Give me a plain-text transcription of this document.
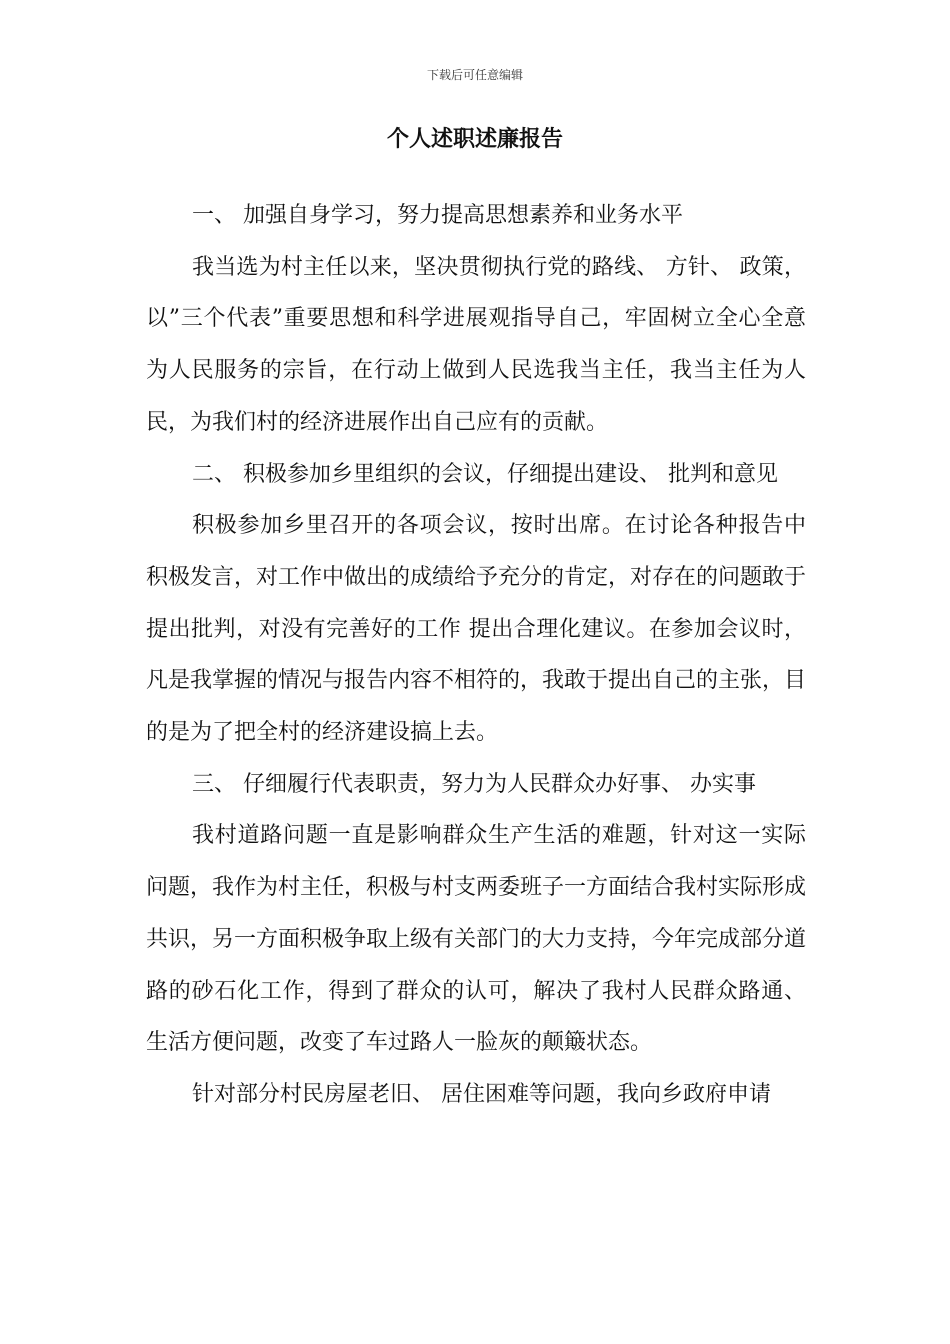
下载后可任意编辑
个人述职述廉报告

一、 加强自身学习，努力提高思想素养和业务水平

我当选为村主任以来，坚决贯彻执行党的路线、 方针、 政策，以”三个代表”重要思想和科学进展观指导自己，牢固树立全心全意为人民服务的宗旨，在行动上做到人民选我当主任，我当主任为人民，为我们村的经济进展作出自己应有的贡献。

二、 积极参加乡里组织的会议，仔细提出建设、 批判和意见

积极参加乡里召开的各项会议，按时出席。在讨论各种报告中积极发言，对工作中做出的成绩给予充分的肯定，对存在的问题敢于提出批判，对没有完善好的工作 提出合理化建议。在参加会议时，凡是我掌握的情况与报告内容不相符的，我敢于提出自己的主张，目的是为了把全村的经济建设搞上去。

三、 仔细履行代表职责，努力为人民群众办好事、 办实事

我村道路问题一直是影响群众生产生活的难题，针对这一实际问题，我作为村主任，积极与村支两委班子一方面结合我村实际形成共识，另一方面积极争取上级有关部门的大力支持，今年完成部分道路的砂石化工作，得到了群众的认可，解决了我村人民群众路通、 生活方便问题，改变了车过路人一脸灰的颠簸状态。

针对部分村民房屋老旧、 居住困难等问题，我向乡政府申请
